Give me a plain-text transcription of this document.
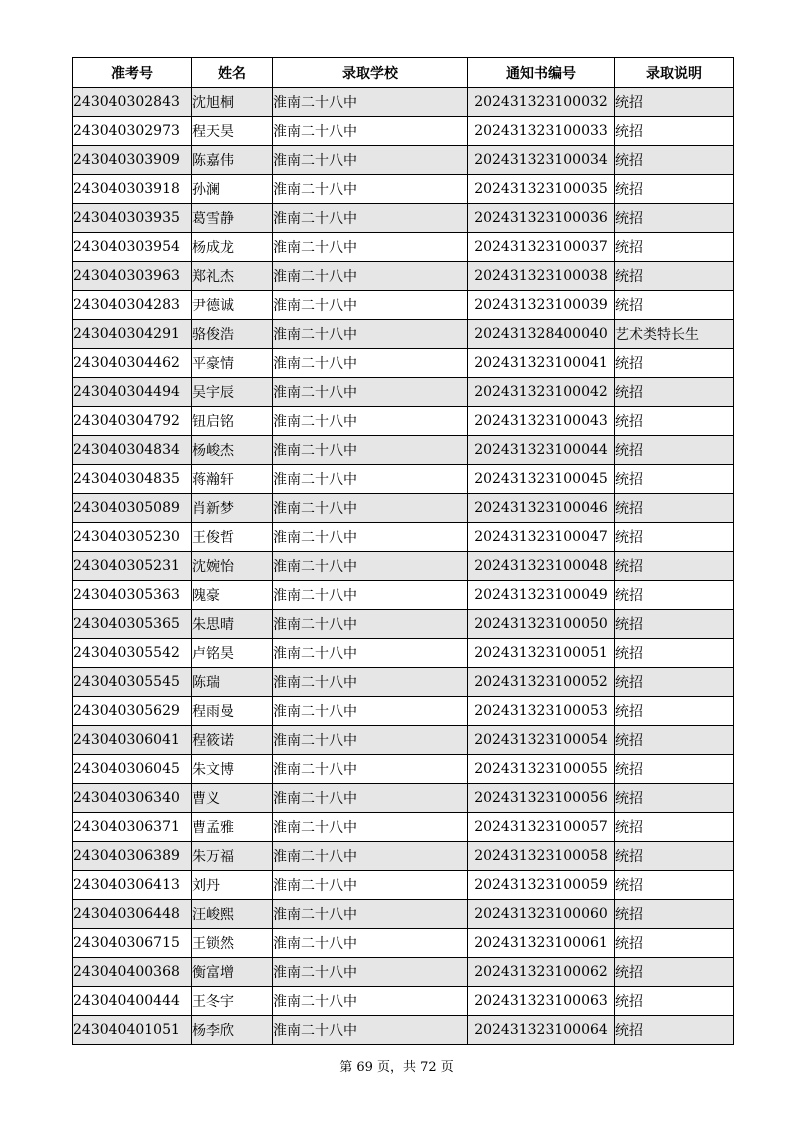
准考号	姓名	录取学校	通知书编号	录取说明
243040302843	沈旭桐	淮南二十八中	202431323100032	统招
243040302973	程天昊	淮南二十八中	202431323100033	统招
243040303909	陈嘉伟	淮南二十八中	202431323100034	统招
243040303918	孙澜	淮南二十八中	202431323100035	统招
243040303935	葛雪静	淮南二十八中	202431323100036	统招
243040303954	杨成龙	淮南二十八中	202431323100037	统招
243040303963	郑礼杰	淮南二十八中	202431323100038	统招
243040304283	尹德诚	淮南二十八中	202431323100039	统招
243040304291	骆俊浩	淮南二十八中	202431328400040	艺术类特长生
243040304462	平豪情	淮南二十八中	202431323100041	统招
243040304494	吴宇辰	淮南二十八中	202431323100042	统招
243040304792	钮启铭	淮南二十八中	202431323100043	统招
243040304834	杨峻杰	淮南二十八中	202431323100044	统招
243040304835	蒋瀚轩	淮南二十八中	202431323100045	统招
243040305089	肖新梦	淮南二十八中	202431323100046	统招
243040305230	王俊哲	淮南二十八中	202431323100047	统招
243040305231	沈婉怡	淮南二十八中	202431323100048	统招
243040305363	隗豪	淮南二十八中	202431323100049	统招
243040305365	朱思晴	淮南二十八中	202431323100050	统招
243040305542	卢铭昊	淮南二十八中	202431323100051	统招
243040305545	陈瑞	淮南二十八中	202431323100052	统招
243040305629	程雨曼	淮南二十八中	202431323100053	统招
243040306041	程筱诺	淮南二十八中	202431323100054	统招
243040306045	朱文博	淮南二十八中	202431323100055	统招
243040306340	曹义	淮南二十八中	202431323100056	统招
243040306371	曹孟雅	淮南二十八中	202431323100057	统招
243040306389	朱万福	淮南二十八中	202431323100058	统招
243040306413	刘丹	淮南二十八中	202431323100059	统招
243040306448	汪峻熙	淮南二十八中	202431323100060	统招
243040306715	王锁然	淮南二十八中	202431323100061	统招
243040400368	衡富增	淮南二十八中	202431323100062	统招
243040400444	王冬宇	淮南二十八中	202431323100063	统招
243040401051	杨李欣	淮南二十八中	202431323100064	统招
第 69 页，共 72 页
